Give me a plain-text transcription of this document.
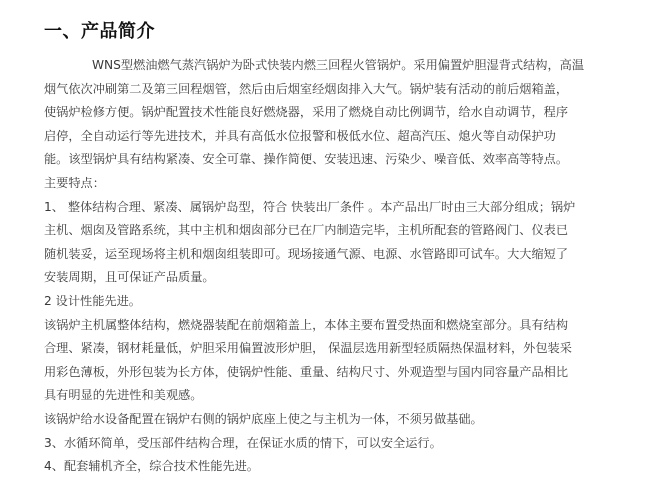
一、产品简介

WNS型燃油燃气蒸汽锅炉为卧式快装内燃三回程火管锅炉。采用偏置炉胆湿背式结构，高温

烟气依次冲刷第二及第三回程烟管，然后由后烟室经烟囱排入大气。锅炉装有活动的前后烟箱盖，

使锅炉检修方便。锅炉配置技术性能良好燃烧器，采用了燃烧自动比例调节，给水自动调节，程序

启停，全自动运行等先进技术，并具有高低水位报警和极低水位、超高汽压、熄火等自动保护功

能。该型锅炉具有结构紧凑、安全可靠、操作简便、安装迅速、污染少、噪音低、效率高等特点。

主要特点：

1、 整体结构合理、紧凑、属锅炉岛型，符合 快装出厂条件 。本产品出厂时由三大部分组成；锅炉

主机、烟囱及管路系统，其中主机和烟囱部分已在厂内制造完毕，主机所配套的管路阀门、仪表已

随机装妥，运至现场将主机和烟囱组装即可。现场接通气源、电源、水管路即可试车。大大缩短了

安装周期，且可保证产品质量。

2 设计性能先进。

该锅炉主机属整体结构，燃烧器装配在前烟箱盖上，本体主要布置受热面和燃烧室部分。具有结构

合理、紧凑，钢材耗量低，炉胆采用偏置波形炉胆， 保温层选用新型轻质隔热保温材料，外包装采

用彩色薄板，外形包装为长方体，使锅炉性能、重量、结构尺寸、外观造型与国内同容量产品相比

具有明显的先进性和美观感。

该锅炉给水设备配置在锅炉右侧的锅炉底座上使之与主机为一体，不须另做基础。

3、水循环简单，受压部件结构合理，在保证水质的情下，可以安全运行。

4、配套辅机齐全，综合技术性能先进。
